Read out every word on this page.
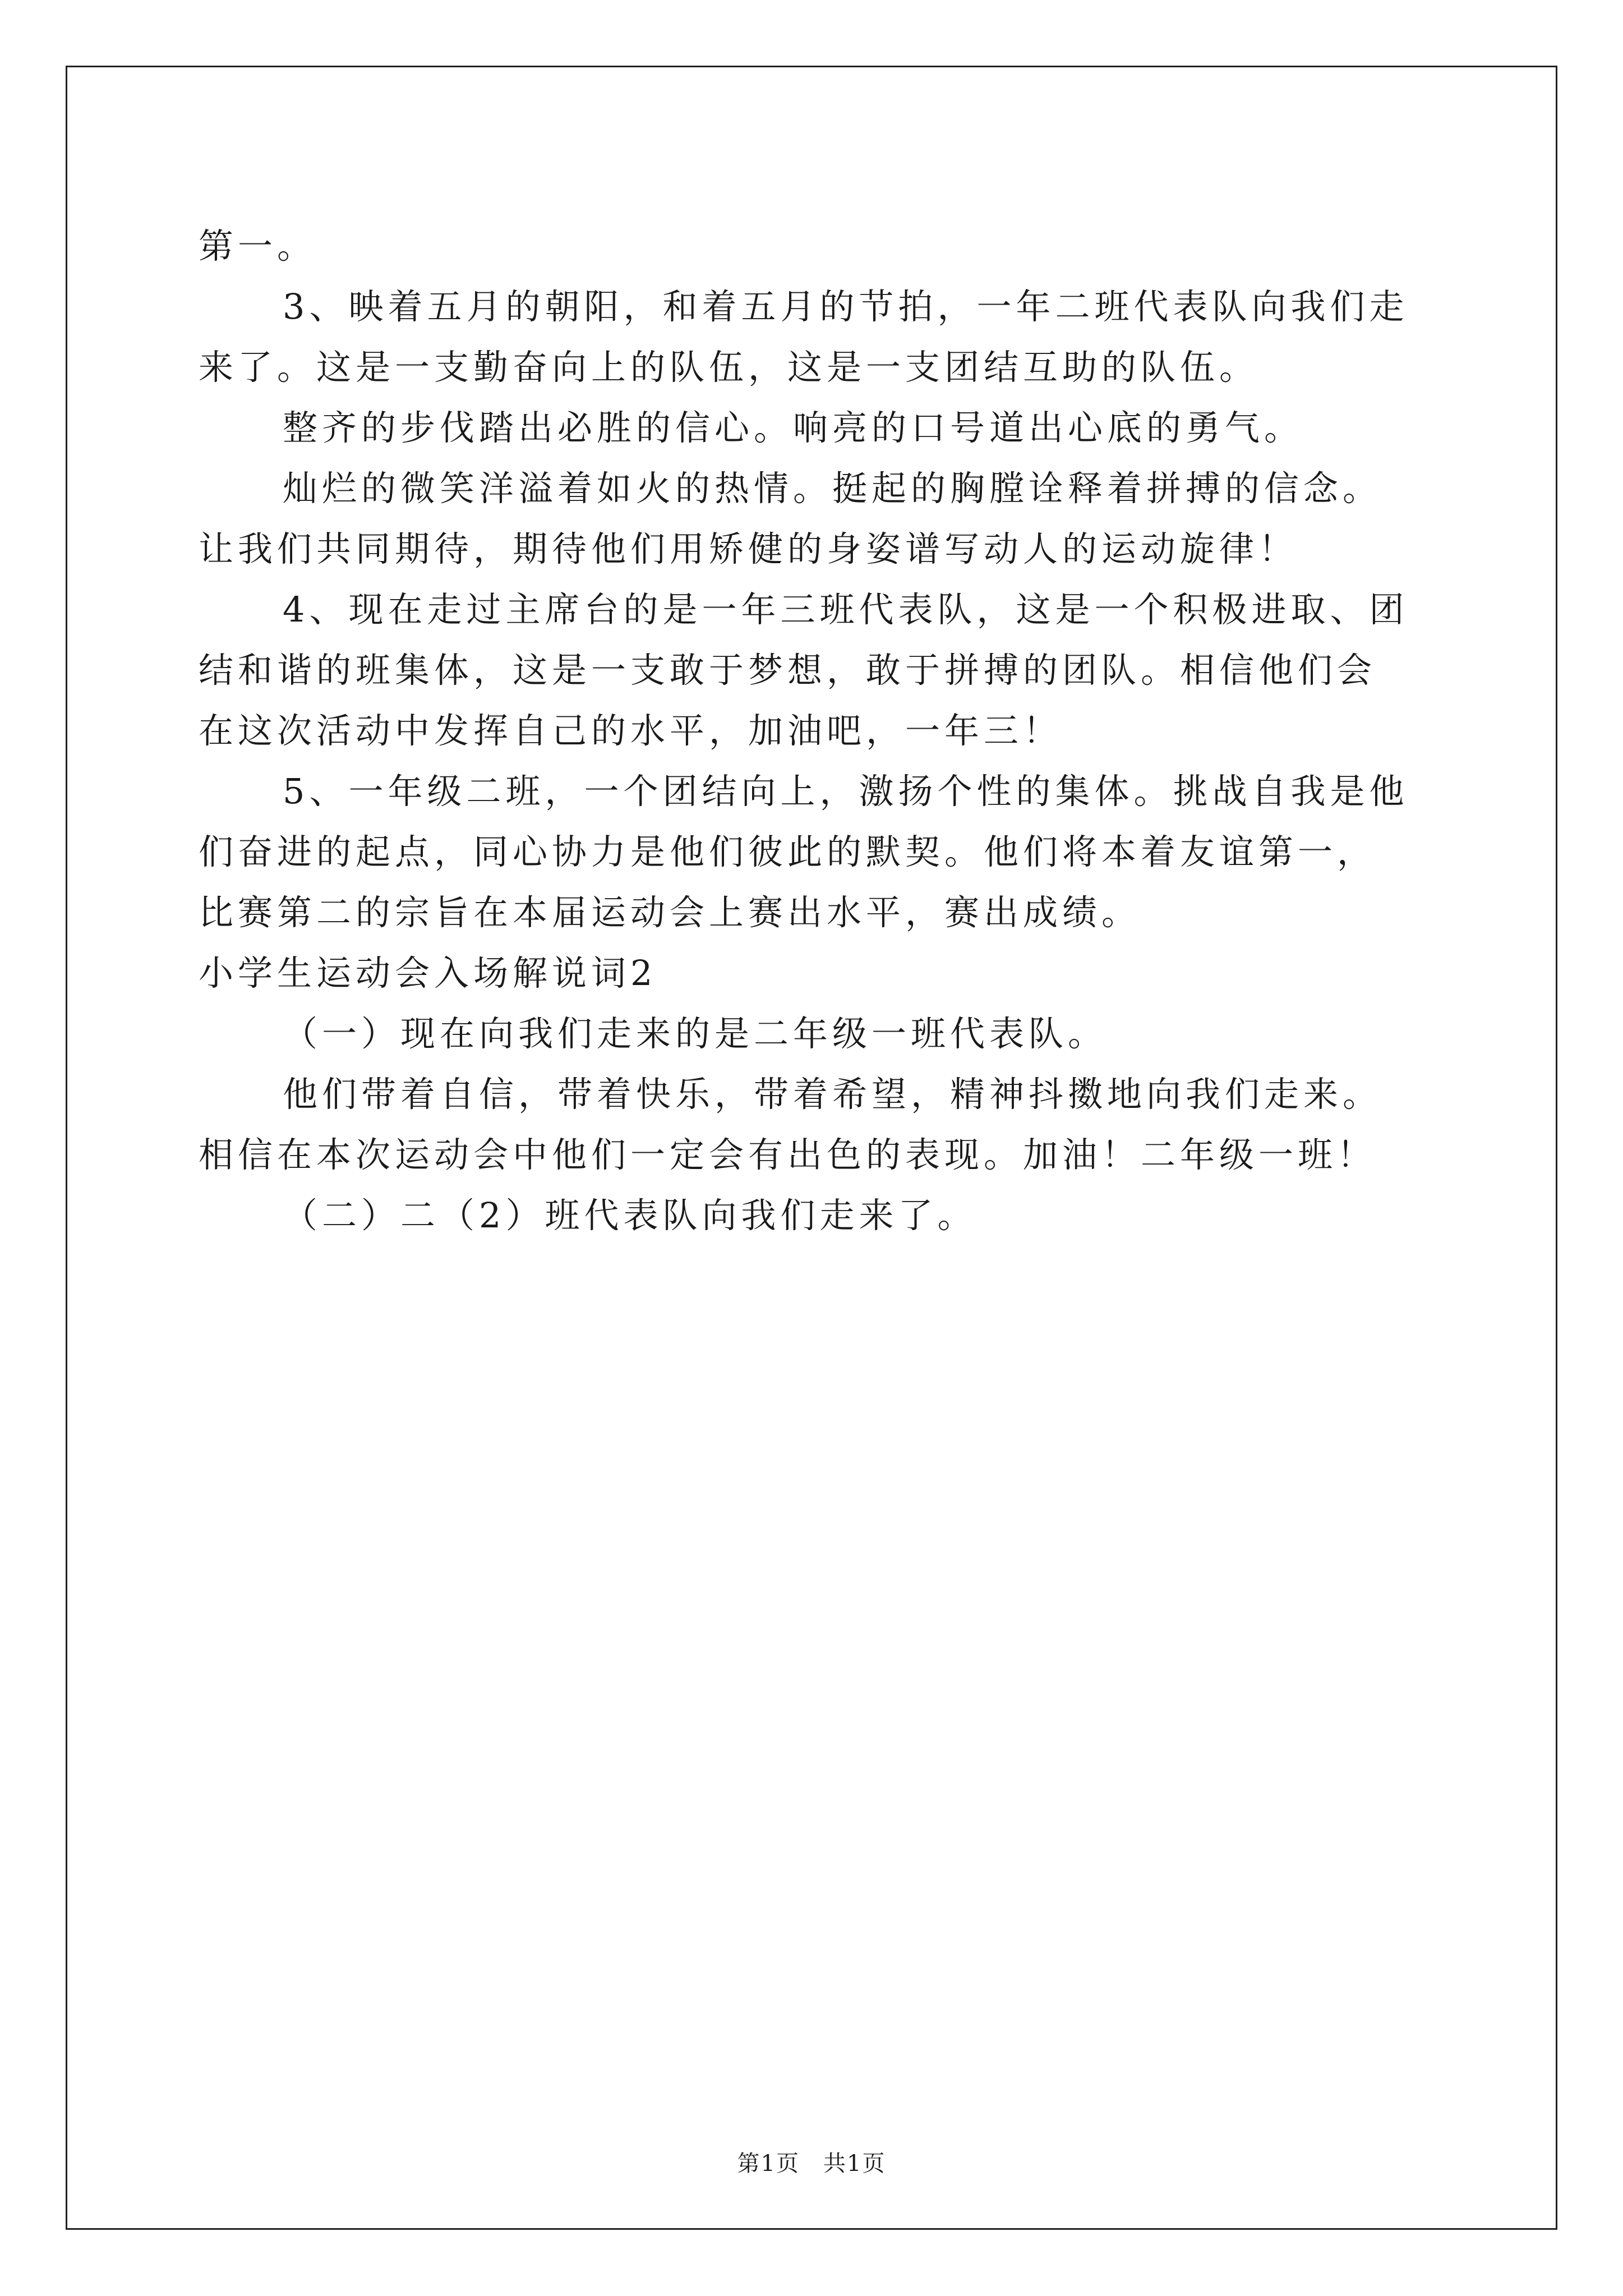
第一。
3、映着五月的朝阳，和着五月的节拍，一年二班代表队向我们走
来了。这是一支勤奋向上的队伍，这是一支团结互助的队伍。
整齐的步伐踏出必胜的信心。响亮的口号道出心底的勇气。
灿烂的微笑洋溢着如火的热情。挺起的胸膛诠释着拼搏的信念。
让我们共同期待，期待他们用矫健的身姿谱写动人的运动旋律！
4、现在走过主席台的是一年三班代表队，这是一个积极进取、团
结和谐的班集体，这是一支敢于梦想，敢于拼搏的团队。相信他们会
在这次活动中发挥自己的水平，加油吧，一年三！
5、一年级二班，一个团结向上，激扬个性的集体。挑战自我是他
们奋进的起点，同心协力是他们彼此的默契。他们将本着友谊第一，
比赛第二的宗旨在本届运动会上赛出水平，赛出成绩。
小学生运动会入场解说词2
（一）现在向我们走来的是二年级一班代表队。
他们带着自信，带着快乐，带着希望，精神抖擞地向我们走来。
相信在本次运动会中他们一定会有出色的表现。加油！二年级一班！
（二）二（2）班代表队向我们走来了。
第1页 共1页
